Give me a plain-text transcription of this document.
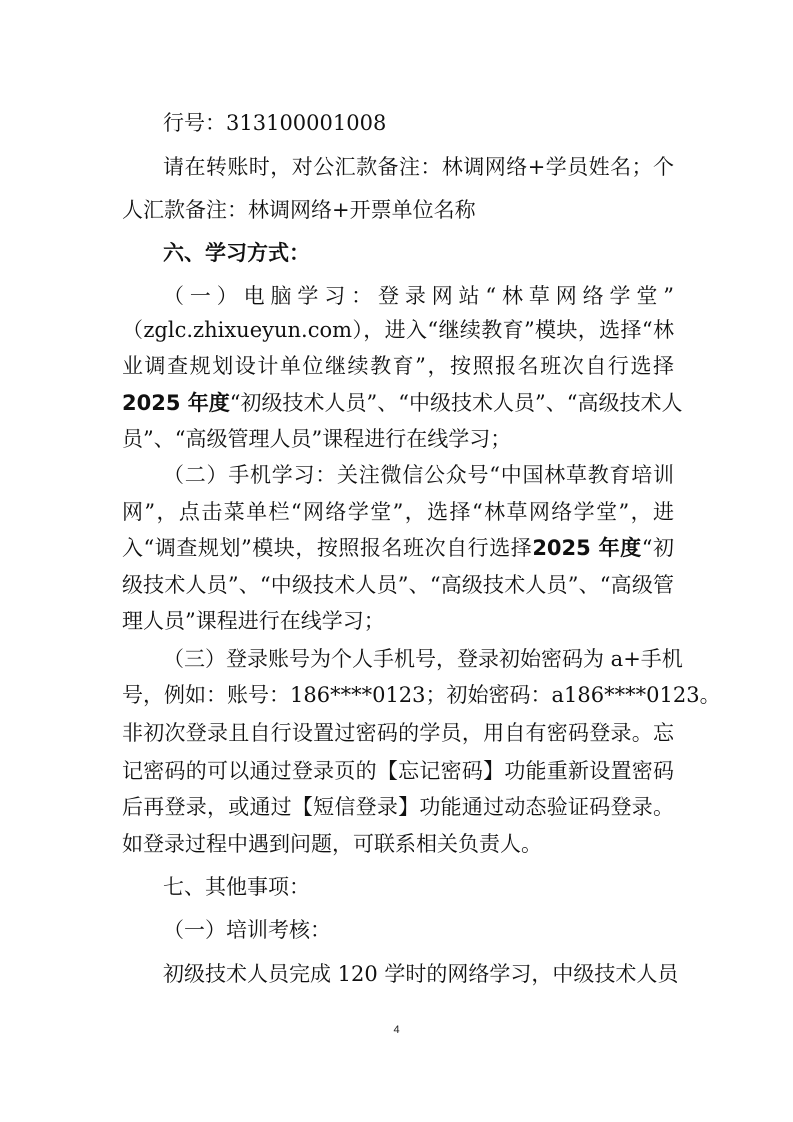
行号：313100001008
请在转账时，对公汇款备注：林调网络+学员姓名；个
人汇款备注：林调网络+开票单位名称
六、学习方式：
（一）电脑学习：登录网站“林草网络学堂”
（zglc.zhixueyun.com），进入“继续教育”模块，选择“林
业调查规划设计单位继续教育”，按照报名班次自行选择
2025 年度“初级技术人员”、“中级技术人员”、“高级技术人
员”、“高级管理人员”课程进行在线学习；
（二）手机学习：关注微信公众号“中国林草教育培训
网”，点击菜单栏“网络学堂”，选择“林草网络学堂”，进
入“调查规划”模块，按照报名班次自行选择2025 年度“初
级技术人员”、“中级技术人员”、“高级技术人员”、“高级管
理人员”课程进行在线学习；
（三）登录账号为个人手机号，登录初始密码为 a+手机
号，例如：账号：186****0123；初始密码：a186****0123。
非初次登录且自行设置过密码的学员，用自有密码登录。忘
记密码的可以通过登录页的【忘记密码】功能重新设置密码
后再登录，或通过【短信登录】功能通过动态验证码登录。
如登录过程中遇到问题，可联系相关负责人。
七、其他事项：
（一）培训考核：
初级技术人员完成 120 学时的网络学习，中级技术人员
4
